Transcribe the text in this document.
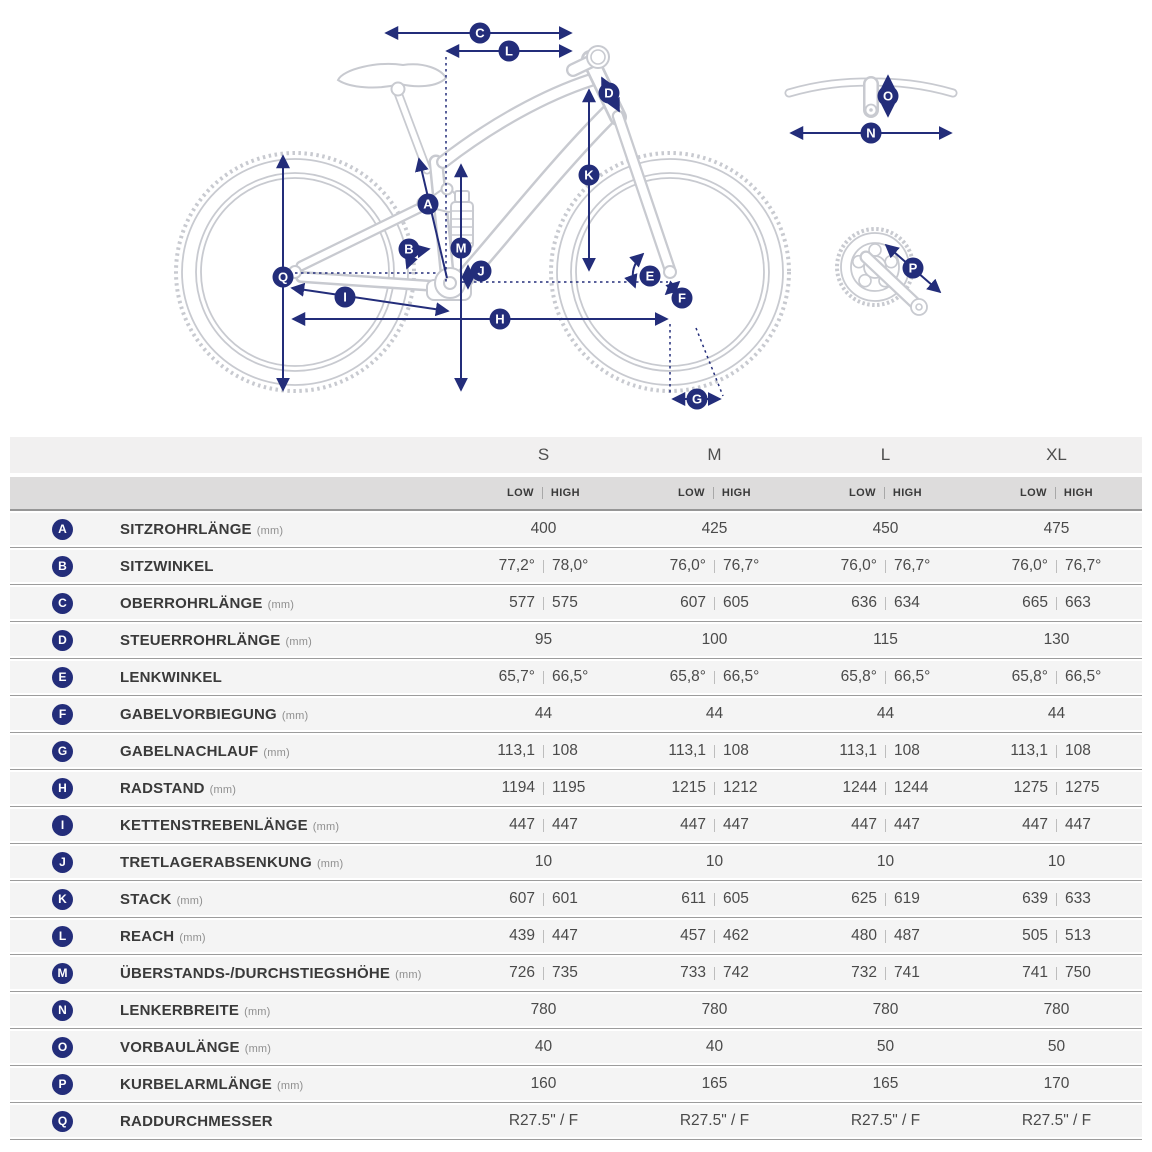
C
L
D
K
A
B	M
J
Q
I
H
E
F
G
O
N
P
S	M	L	XL
LOW HIGH	LOW HIGH	LOW HIGH	LOW HIGH
A	SITZROHRLÄNGE (mm)	400	425	450	475
B	SITZWINKEL	77,2° 78,0°	76,0° 76,7°	76,0° 76,7°	76,0° 76,7°
C	OBERROHRLÄNGE (mm)	577 575	607 605	636 634	665 663
D	STEUERROHRLÄNGE (mm)	95	100	115	130
E	LENKWINKEL	65,7° 66,5°	65,8° 66,5°	65,8° 66,5°	65,8° 66,5°
F	GABELVORBIEGUNG (mm)	44	44	44	44
G	GABELNACHLAUF (mm)	113,1 108	113,1 108	113,1 108	113,1 108
H	RADSTAND (mm)	1194 1195	1215 1212	1244 1244	1275 1275
I	KETTENSTREBENLÄNGE (mm)	447 447	447 447	447 447	447 447
J	TRETLAGERABSENKUNG (mm)	10	10	10	10
K	STACK (mm)	607 601	611 605	625 619	639 633
L	REACH (mm)	439 447	457 462	480 487	505 513
M	ÜBERSTANDS-/DURCHSTIEGSHÖHE (mm)	726 735	733 742	732 741	741 750
N	LENKERBREITE (mm)	780	780	780	780
O	VORBAULÄNGE (mm)	40	40	50	50
P	KURBELARMLÄNGE (mm)	160	165	165	170
Q	RADDURCHMESSER	R27.5" / F	R27.5" / F	R27.5" / F	R27.5" / F
